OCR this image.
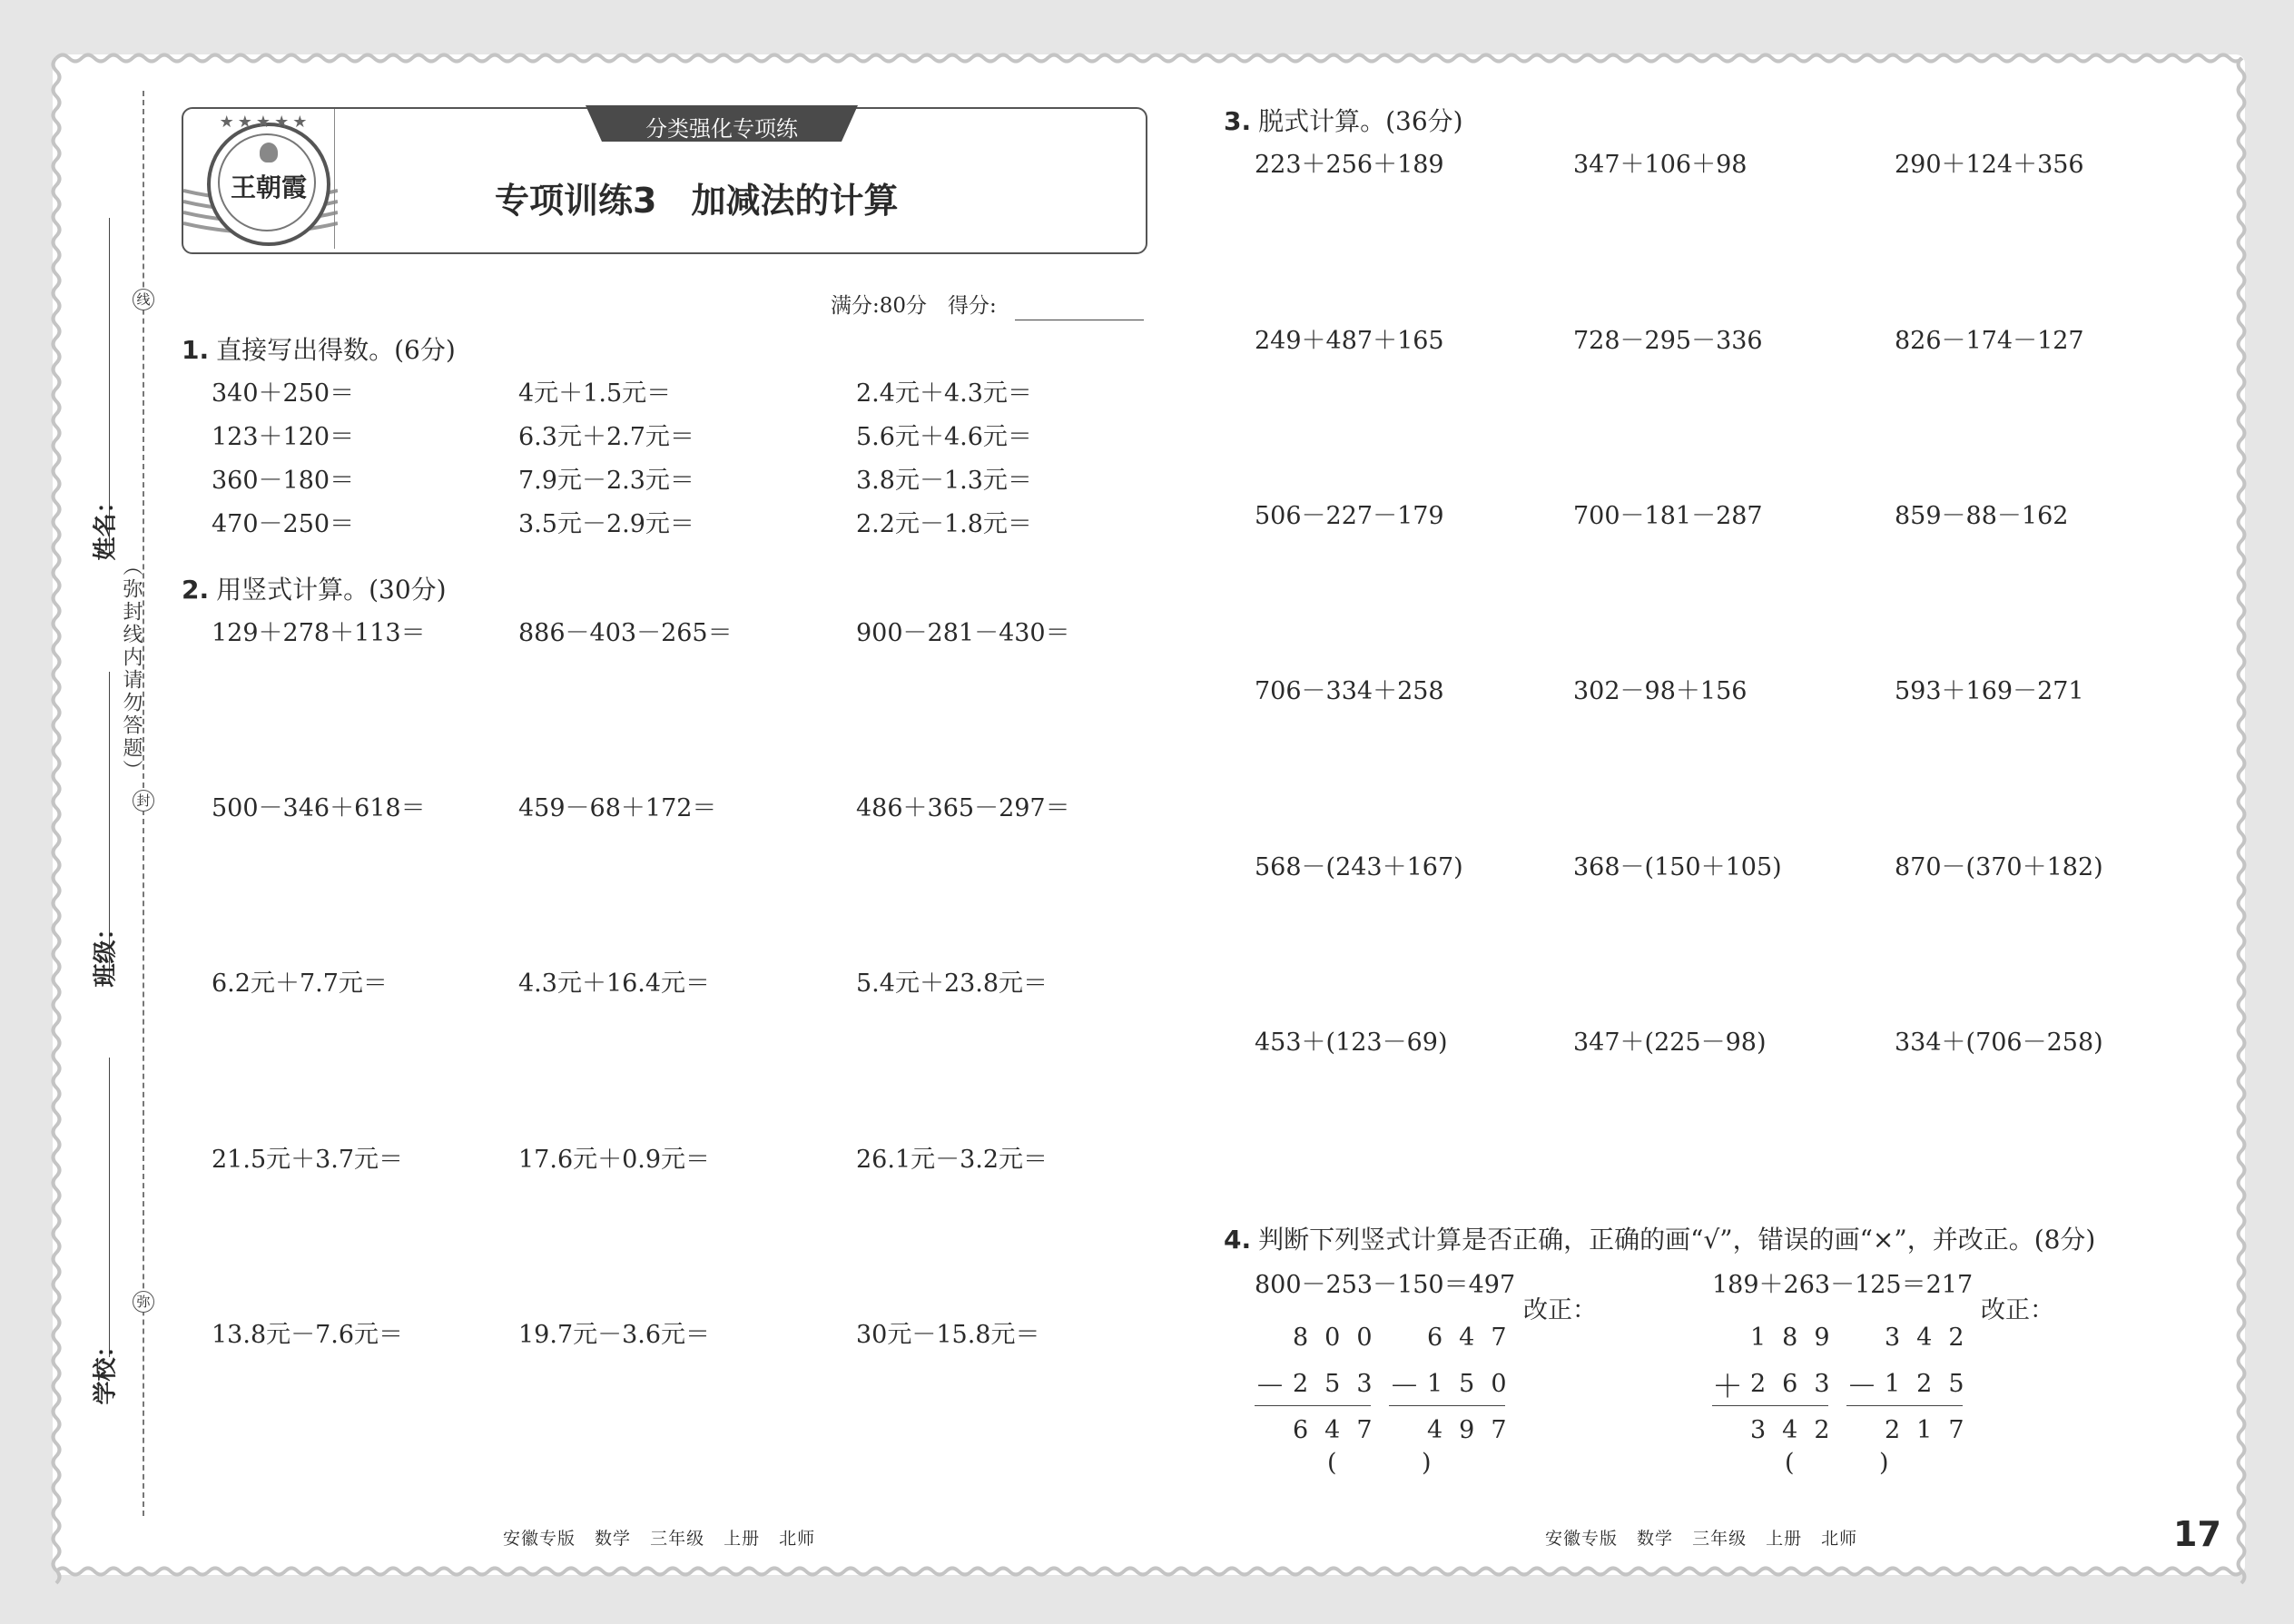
姓名：
班级：
学校：
线
封
弥
（弥封线内请勿答题）
王朝霞
★★★★★	分类强化专项练
专项训练3　加减法的计算
满分:80分　得分:
1. 直接写出得数。(6分)
340＋250＝	4元＋1.5元＝	2.4元＋4.3元＝
123＋120＝	6.3元＋2.7元＝	5.6元＋4.6元＝
360－180＝	7.9元－2.3元＝	3.8元－1.3元＝
470－250＝	3.5元－2.9元＝	2.2元－1.8元＝
2. 用竖式计算。(30分)
129＋278＋113＝	886－403－265＝	900－281－430＝
500－346＋618＝	459－68＋172＝	486＋365－297＝
6.2元＋7.7元＝	4.3元＋16.4元＝	5.4元＋23.8元＝
21.5元＋3.7元＝	17.6元＋0.9元＝	26.1元－3.2元＝
13.8元－7.6元＝	19.7元－3.6元＝	30元－15.8元＝
3. 脱式计算。(36分)
223＋256＋189	347＋106＋98	290＋124＋356
249＋487＋165	728－295－336	826－174－127
506－227－179	700－181－287	859－88－162
706－334＋258	302－98＋156	593＋169－271
568－(243＋167)	368－(150＋105)	870－(370＋182)
453＋(123－69)	347＋(225－98)	334＋(706－258)
4. 判断下列竖式计算是否正确，正确的画“√”，错误的画“×”，并改正。(8分)
800－253－150＝497
改正：
800
－ 253
647
647
－ 150
497
(	)
189＋263－125＝217
改正：
189
＋ 263
342
342
－ 125
217
(	)
安徽专版 数学 三年级 上册 北师	安徽专版 数学 三年级 上册 北师	17
